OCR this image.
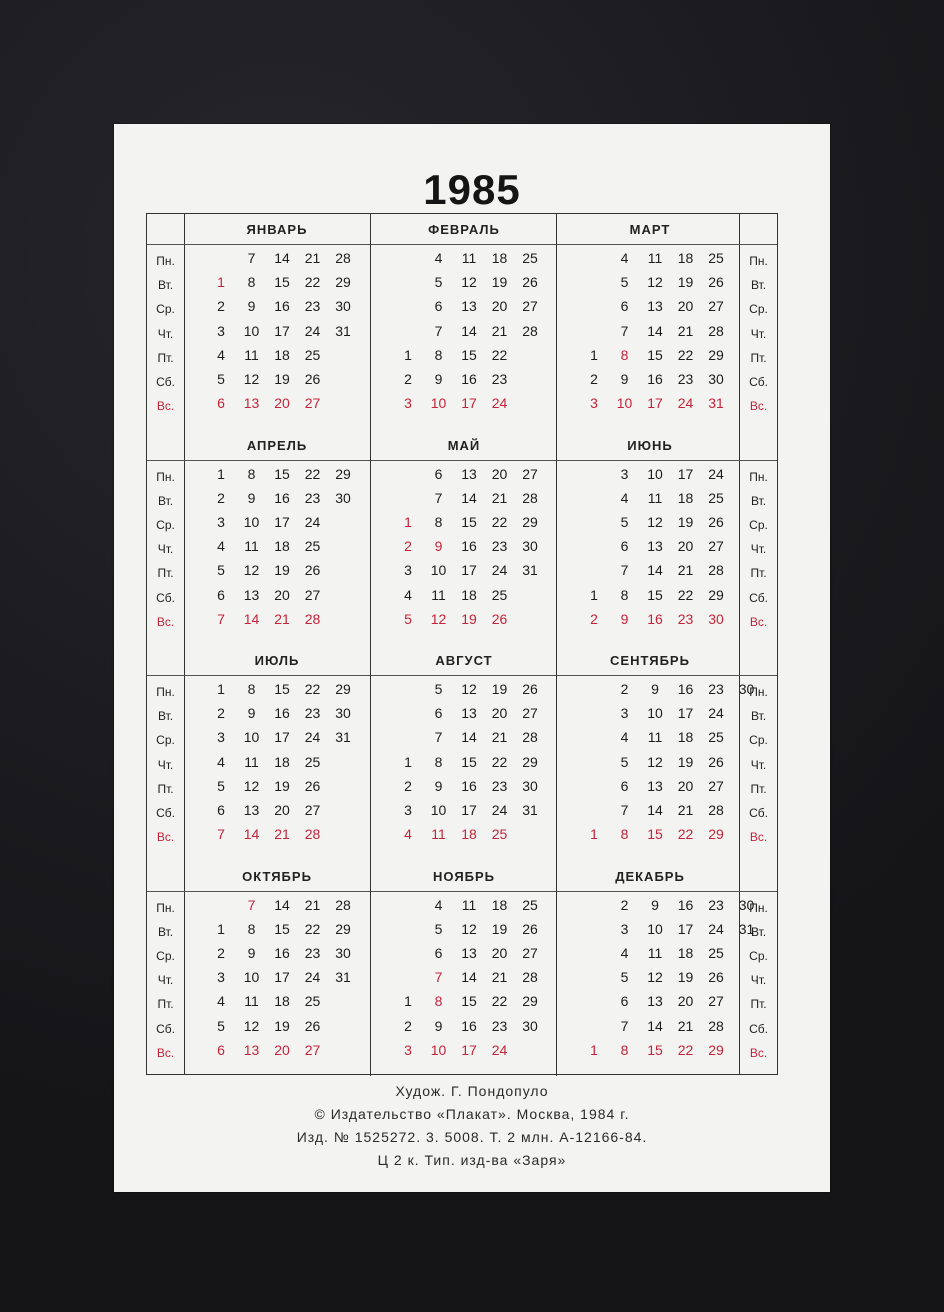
1985
Пн.
Вт.
Ср.
Чт.
Пт.
Сб.
Вс.
Пн.
Вт.
Ср.
Чт.
Пт.
Сб.
Вс.
ЯНВАРЬ
1
2
3
4
5
6
7
8
9
10
11
12
13
14
15
16
17
18
19
20
21
22
23
24
25
26
27
28
29
30
31
ФЕВРАЛЬ
1
2
3
4
5
6
7
8
9
10
11
12
13
14
15
16
17
18
19
20
21
22
23
24
25
26
27
28
МАРТ
1
2
3
4
5
6
7
8
9
10
11
12
13
14
15
16
17
18
19
20
21
22
23
24
25
26
27
28
29
30
31
Пн.
Вт.
Ср.
Чт.
Пт.
Сб.
Вс.
Пн.
Вт.
Ср.
Чт.
Пт.
Сб.
Вс.
АПРЕЛЬ
1
2
3
4
5
6
7
8
9
10
11
12
13
14
15
16
17
18
19
20
21
22
23
24
25
26
27
28
29
30
МАЙ
1
2
3
4
5
6
7
8
9
10
11
12
13
14
15
16
17
18
19
20
21
22
23
24
25
26
27
28
29
30
31
ИЮНЬ
1
2
3
4
5
6
7
8
9
10
11
12
13
14
15
16
17
18
19
20
21
22
23
24
25
26
27
28
29
30
Пн.
Вт.
Ср.
Чт.
Пт.
Сб.
Вс.
Пн.
Вт.
Ср.
Чт.
Пт.
Сб.
Вс.
ИЮЛЬ
1
2
3
4
5
6
7
8
9
10
11
12
13
14
15
16
17
18
19
20
21
22
23
24
25
26
27
28
29
30
31
АВГУСТ
1
2
3
4
5
6
7
8
9
10
11
12
13
14
15
16
17
18
19
20
21
22
23
24
25
26
27
28
29
30
31
СЕНТЯБРЬ
1
2
3
4
5
6
7
8
9
10
11
12
13
14
15
16
17
18
19
20
21
22
23
24
25
26
27
28
29
30
Пн.
Вт.
Ср.
Чт.
Пт.
Сб.
Вс.
Пн.
Вт.
Ср.
Чт.
Пт.
Сб.
Вс.
ОКТЯБРЬ
1
2
3
4
5
6
7
8
9
10
11
12
13
14
15
16
17
18
19
20
21
22
23
24
25
26
27
28
29
30
31
НОЯБРЬ
1
2
3
4
5
6
7
8
9
10
11
12
13
14
15
16
17
18
19
20
21
22
23
24
25
26
27
28
29
30
ДЕКАБРЬ
1
2
3
4
5
6
7
8
9
10
11
12
13
14
15
16
17
18
19
20
21
22
23
24
25
26
27
28
29
30
31
Худож. Г. Пондопуло
© Издательство «Плакат». Москва, 1984 г.
Изд. № 1525272. 3. 5008. Т. 2 млн. А-12166-84.
Ц 2 к. Тип. изд-ва «Заря»
